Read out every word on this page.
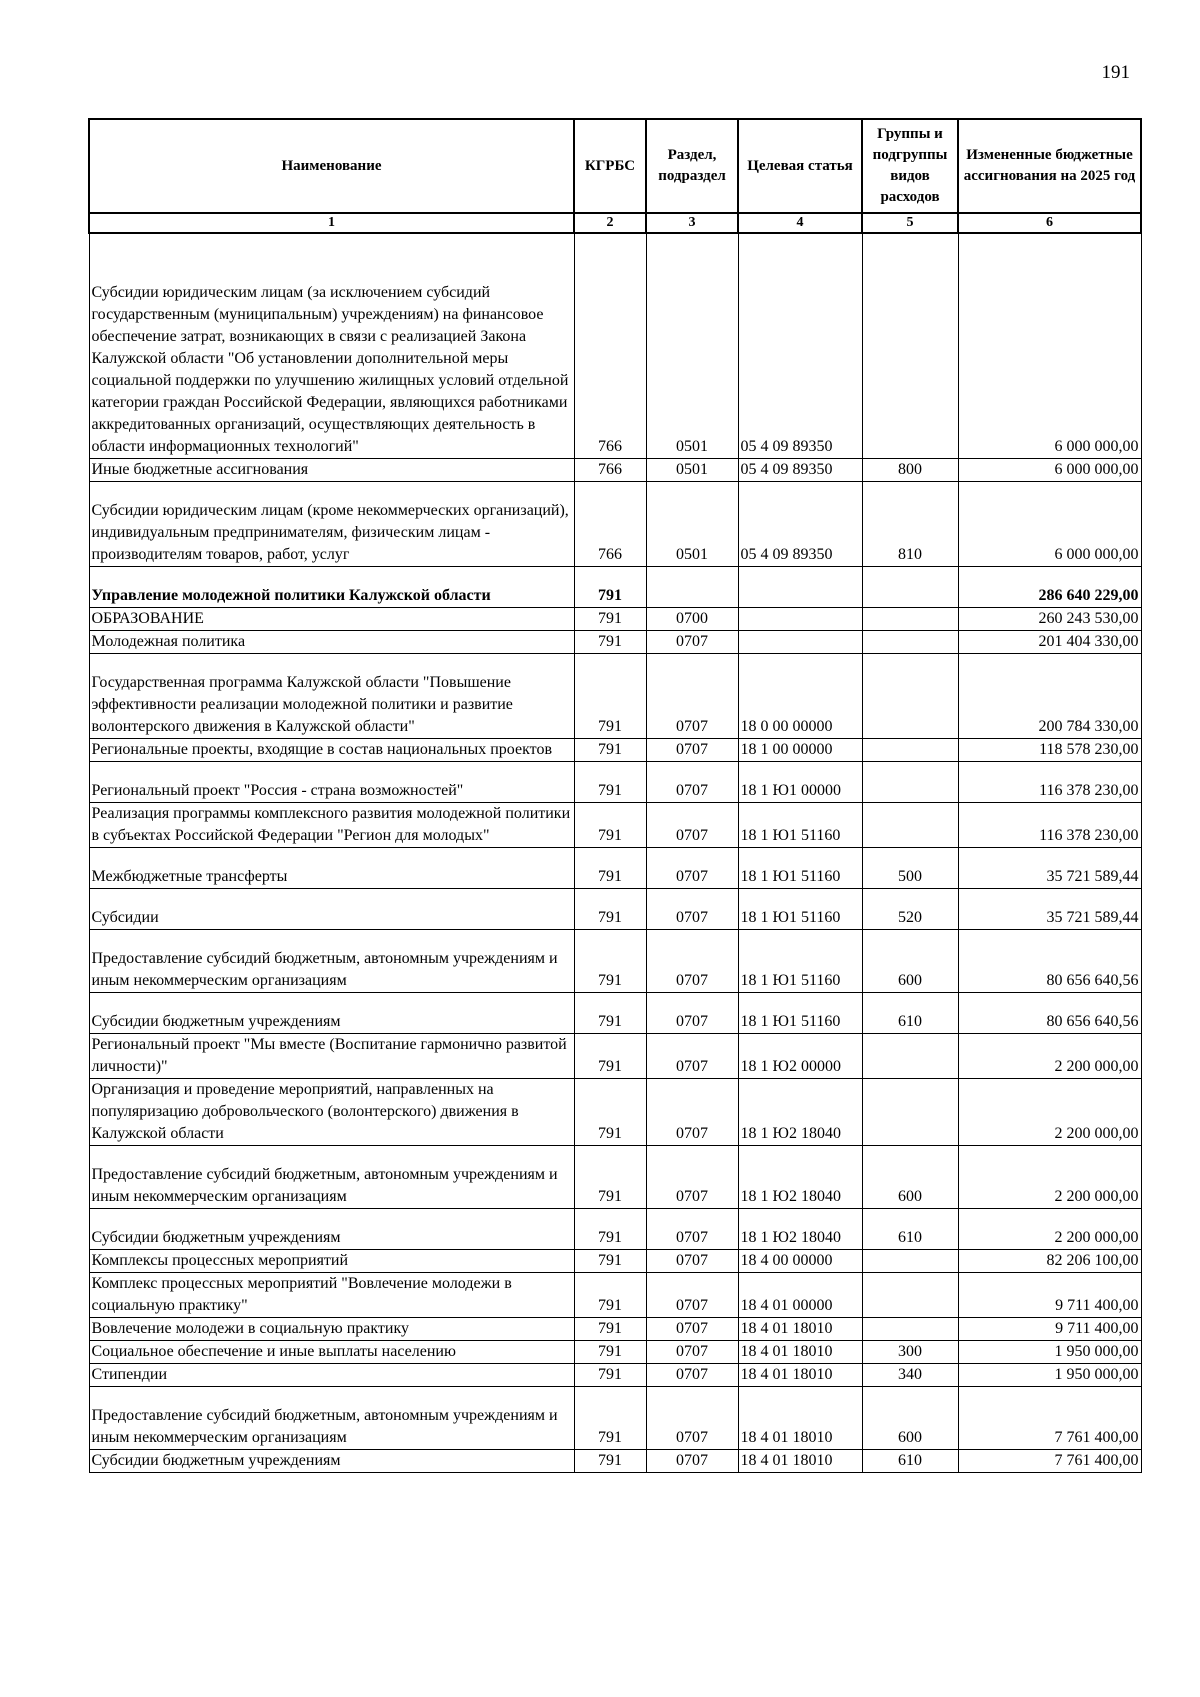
191
Наименование	КГРБС	Раздел, подраздел	Целевая статья	Группы и подгруппы видов расходов	Измененные бюджетные ассигнования на 2025 год
1	2	3	4	5	6
Субсидии юридическим лицам (за исключением субсидий государственным (муниципальным) учреждениям) на финансовое обеспечение затрат, возникающих в связи с реализацией Закона Калужской области "Об установлении дополнительной меры социальной поддержки по улучшению жилищных условий отдельной категории граждан Российской Федерации, являющихся работниками аккредитованных организаций, осуществляющих деятельность в области информационных технологий"	766	0501	05 4 09 89350		6 000 000,00
Иные бюджетные ассигнования	766	0501	05 4 09 89350	800	6 000 000,00
Субсидии юридическим лицам (кроме некоммерческих организаций), индивидуальным предпринимателям, физическим лицам - производителям товаров, работ, услуг	766	0501	05 4 09 89350	810	6 000 000,00
Управление молодежной политики Калужской области	791				286 640 229,00
ОБРАЗОВАНИЕ	791	0700			260 243 530,00
Молодежная политика	791	0707			201 404 330,00
Государственная программа Калужской области "Повышение эффективности реализации молодежной политики и развитие волонтерского движения в Калужской области"	791	0707	18 0 00 00000		200 784 330,00
Региональные проекты, входящие в состав национальных проектов	791	0707	18 1 00 00000		118 578 230,00
Региональный проект "Россия - страна возможностей"	791	0707	18 1 Ю1 00000		116 378 230,00
Реализация программы комплексного развития молодежной политики в субъектах Российской Федерации "Регион для молодых"	791	0707	18 1 Ю1 51160		116 378 230,00
Межбюджетные трансферты	791	0707	18 1 Ю1 51160	500	35 721 589,44
Субсидии	791	0707	18 1 Ю1 51160	520	35 721 589,44
Предоставление субсидий бюджетным, автономным учреждениям и иным некоммерческим организациям	791	0707	18 1 Ю1 51160	600	80 656 640,56
Субсидии бюджетным учреждениям	791	0707	18 1 Ю1 51160	610	80 656 640,56
Региональный проект "Мы вместе (Воспитание гармонично развитой личности)"	791	0707	18 1 Ю2 00000		2 200 000,00
Организация и проведение мероприятий, направленных на популяризацию добровольческого (волонтерского) движения в Калужской области	791	0707	18 1 Ю2 18040		2 200 000,00
Предоставление субсидий бюджетным, автономным учреждениям и иным некоммерческим организациям	791	0707	18 1 Ю2 18040	600	2 200 000,00
Субсидии бюджетным учреждениям	791	0707	18 1 Ю2 18040	610	2 200 000,00
Комплексы процессных мероприятий	791	0707	18 4 00 00000		82 206 100,00
Комплекс процессных мероприятий "Вовлечение молодежи в социальную практику"	791	0707	18 4 01 00000		9 711 400,00
Вовлечение молодежи в социальную практику	791	0707	18 4 01 18010		9 711 400,00
Социальное обеспечение и иные выплаты населению	791	0707	18 4 01 18010	300	1 950 000,00
Стипендии	791	0707	18 4 01 18010	340	1 950 000,00
Предоставление субсидий бюджетным, автономным учреждениям и иным некоммерческим организациям	791	0707	18 4 01 18010	600	7 761 400,00
Субсидии бюджетным учреждениям	791	0707	18 4 01 18010	610	7 761 400,00
